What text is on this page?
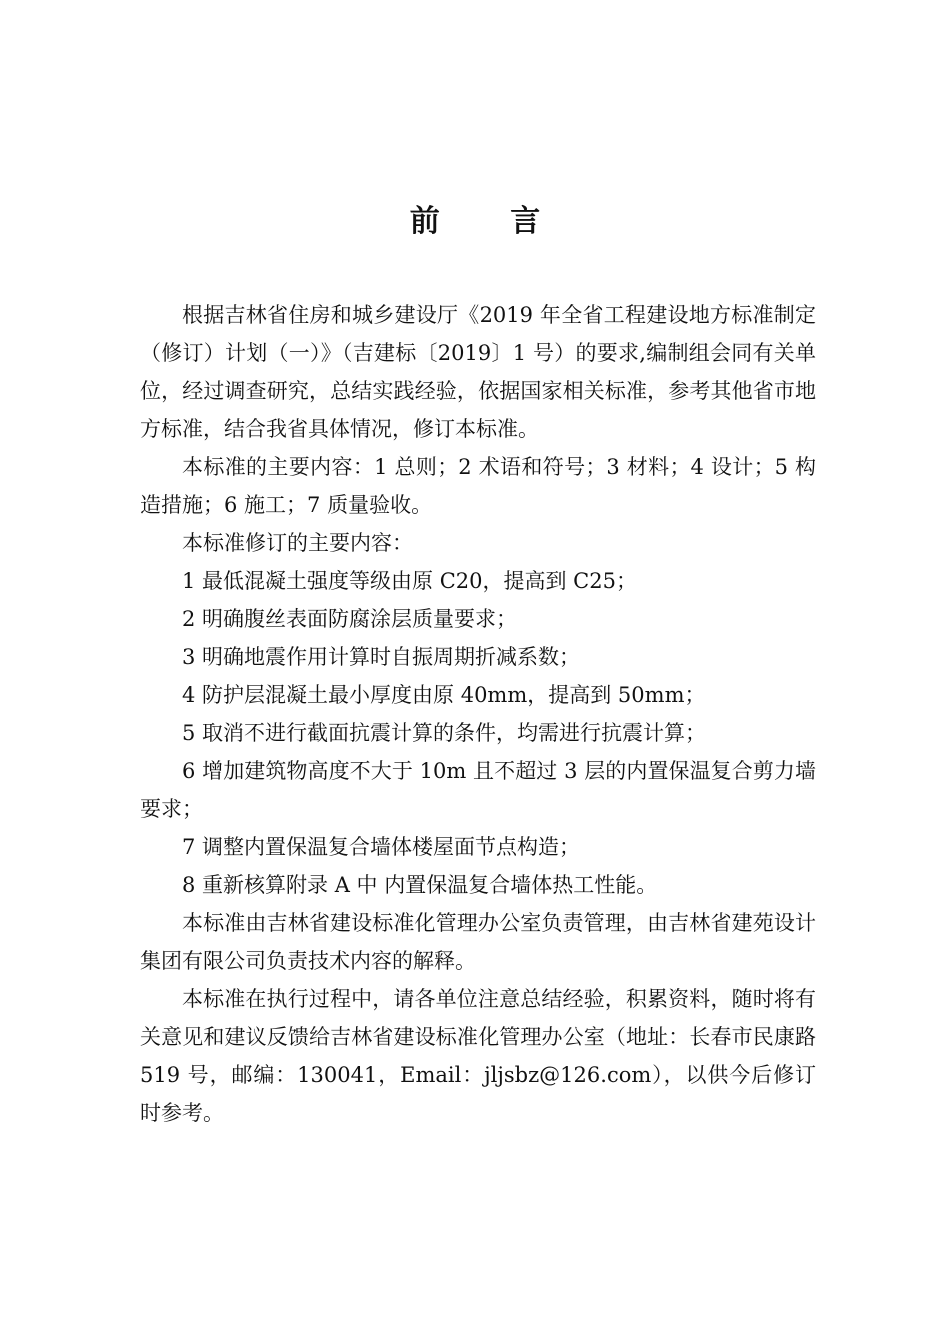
前 言

根据吉林省住房和城乡建设厅《2019 年全省工程建设地方标准制定（修订）计划（一）》（吉建标〔2019〕1 号）的要求,编制组会同有关单位，经过调查研究，总结实践经验，依据国家相关标准，参考其他省市地方标准，结合我省具体情况，修订本标准。

本标准的主要内容：1 总则；2 术语和符号；3 材料；4 设计；5 构造措施；6 施工；7 质量验收。

本标准修订的主要内容：

1 最低混凝土强度等级由原 C20，提高到 C25；

2 明确腹丝表面防腐涂层质量要求；

3 明确地震作用计算时自振周期折减系数；

4 防护层混凝土最小厚度由原 40mm，提高到 50mm；

5 取消不进行截面抗震计算的条件，均需进行抗震计算；

6 增加建筑物高度不大于 10m 且不超过 3 层的内置保温复合剪力墙要求；

7 调整内置保温复合墙体楼屋面节点构造；

8 重新核算附录 A 中 内置保温复合墙体热工性能。

本标准由吉林省建设标准化管理办公室负责管理，由吉林省建苑设计集团有限公司负责技术内容的解释。

本标准在执行过程中，请各单位注意总结经验，积累资料，随时将有关意见和建议反馈给吉林省建设标准化管理办公室（地址：长春市民康路 519 号，邮编：130041，Email：jljsbz@126.com），以供今后修订时参考。
